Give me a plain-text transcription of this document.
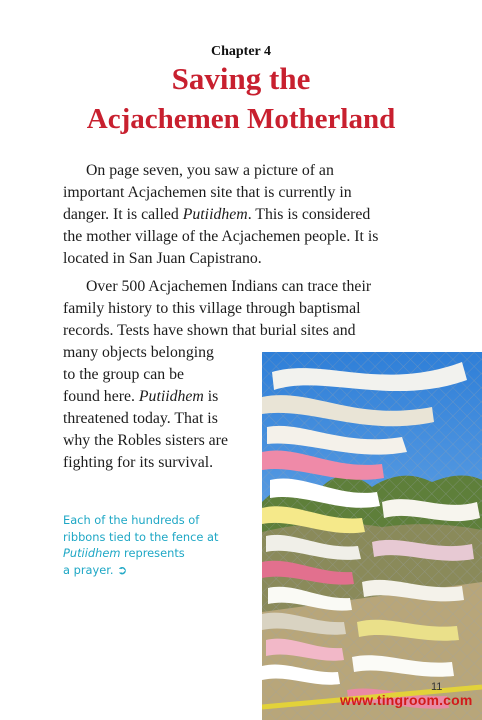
Chapter 4
Saving the
Acjachemen Motherland
On page seven, you saw a picture of an
important Acjachemen site that is currently in
danger. It is called Putiidhem. This is considered
the mother village of the Acjachemen people. It is
located in San Juan Capistrano.
Over 500 Acjachemen Indians can trace their
family history to this village through baptismal
records. Tests have shown that burial sites and
many objects belonging
to the group can be
found here. Putiidhem is
threatened today. That is
why the Robles sisters are
fighting for its survival.
Each of the hundreds of
ribbons tied to the fence at
Putiidhem represents
a prayer. ➲
11
www.tingroom.com
